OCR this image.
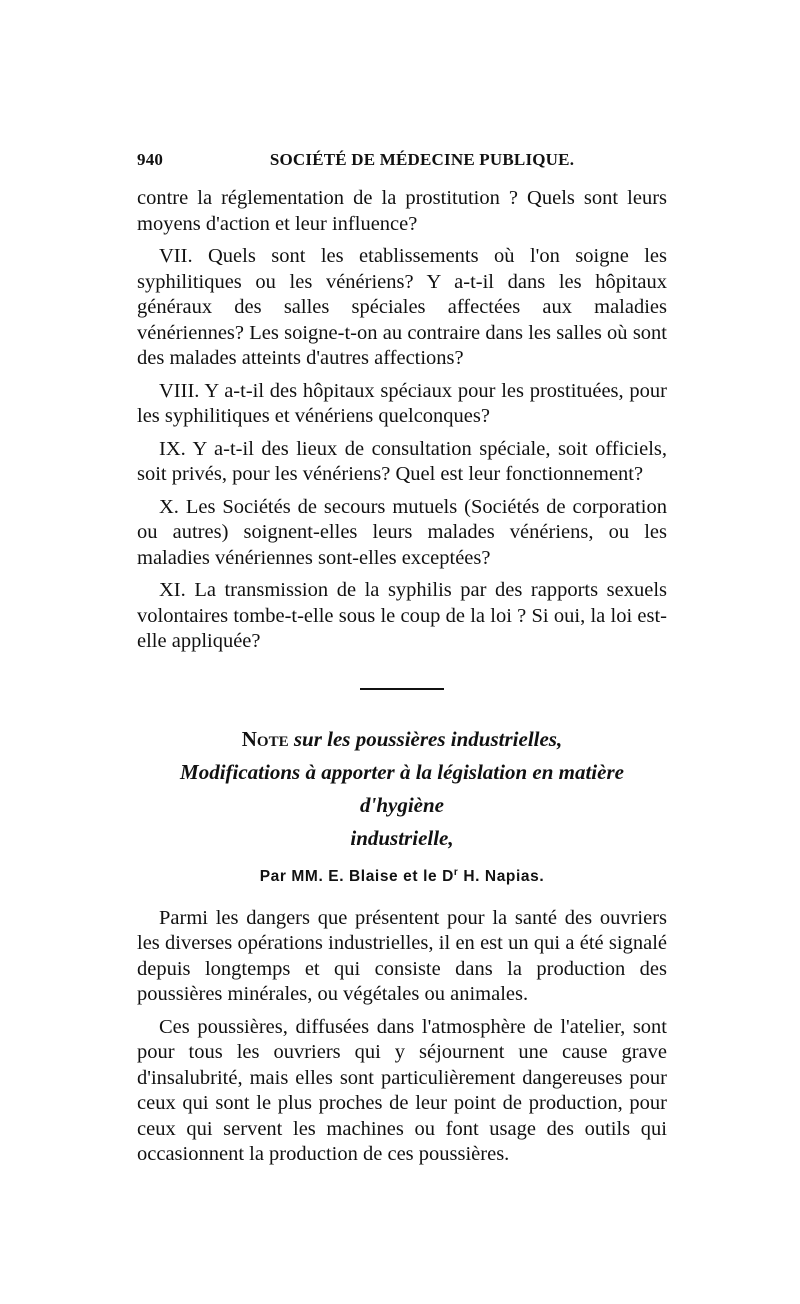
940	SOCIÉTÉ DE MÉDECINE PUBLIQUE.

contre la réglementation de la prostitution ? Quels sont leurs moyens d'action et leur influence?

VII. Quels sont les etablissements où l'on soigne les syphilitiques ou les vénériens? Y a-t-il dans les hôpitaux généraux des salles spéciales affectées aux maladies vénériennes? Les soigne-t-on au contraire dans les salles où sont des malades atteints d'autres affections?

VIII. Y a-t-il des hôpitaux spéciaux pour les prostituées, pour les syphilitiques et vénériens quelconques?

IX. Y a-t-il des lieux de consultation spéciale, soit officiels, soit privés, pour les vénériens? Quel est leur fonctionnement?

X. Les Sociétés de secours mutuels (Sociétés de corporation ou autres) soignent-elles leurs malades vénériens, ou les maladies vénériennes sont-elles exceptées?

XI. La transmission de la syphilis par des rapports sexuels volontaires tombe-t-elle sous le coup de la loi ? Si oui, la loi est-elle appliquée?

Note sur les poussières industrielles,
Modifications à apporter à la législation en matière d'hygiène
industrielle,
Par MM. E. Blaise et le $D^r$ H. Napias.

Parmi les dangers que présentent pour la santé des ouvriers les diverses opérations industrielles, il en est un qui a été signalé depuis longtemps et qui consiste dans la production des poussières minérales, ou végétales ou animales.

Ces poussières, diffusées dans l'atmosphère de l'atelier, sont pour tous les ouvriers qui y séjournent une cause grave d'insalubrité, mais elles sont particulièrement dangereuses pour ceux qui sont le plus proches de leur point de production, pour ceux qui servent les machines ou font usage des outils qui occasionnent la production de ces poussières.
